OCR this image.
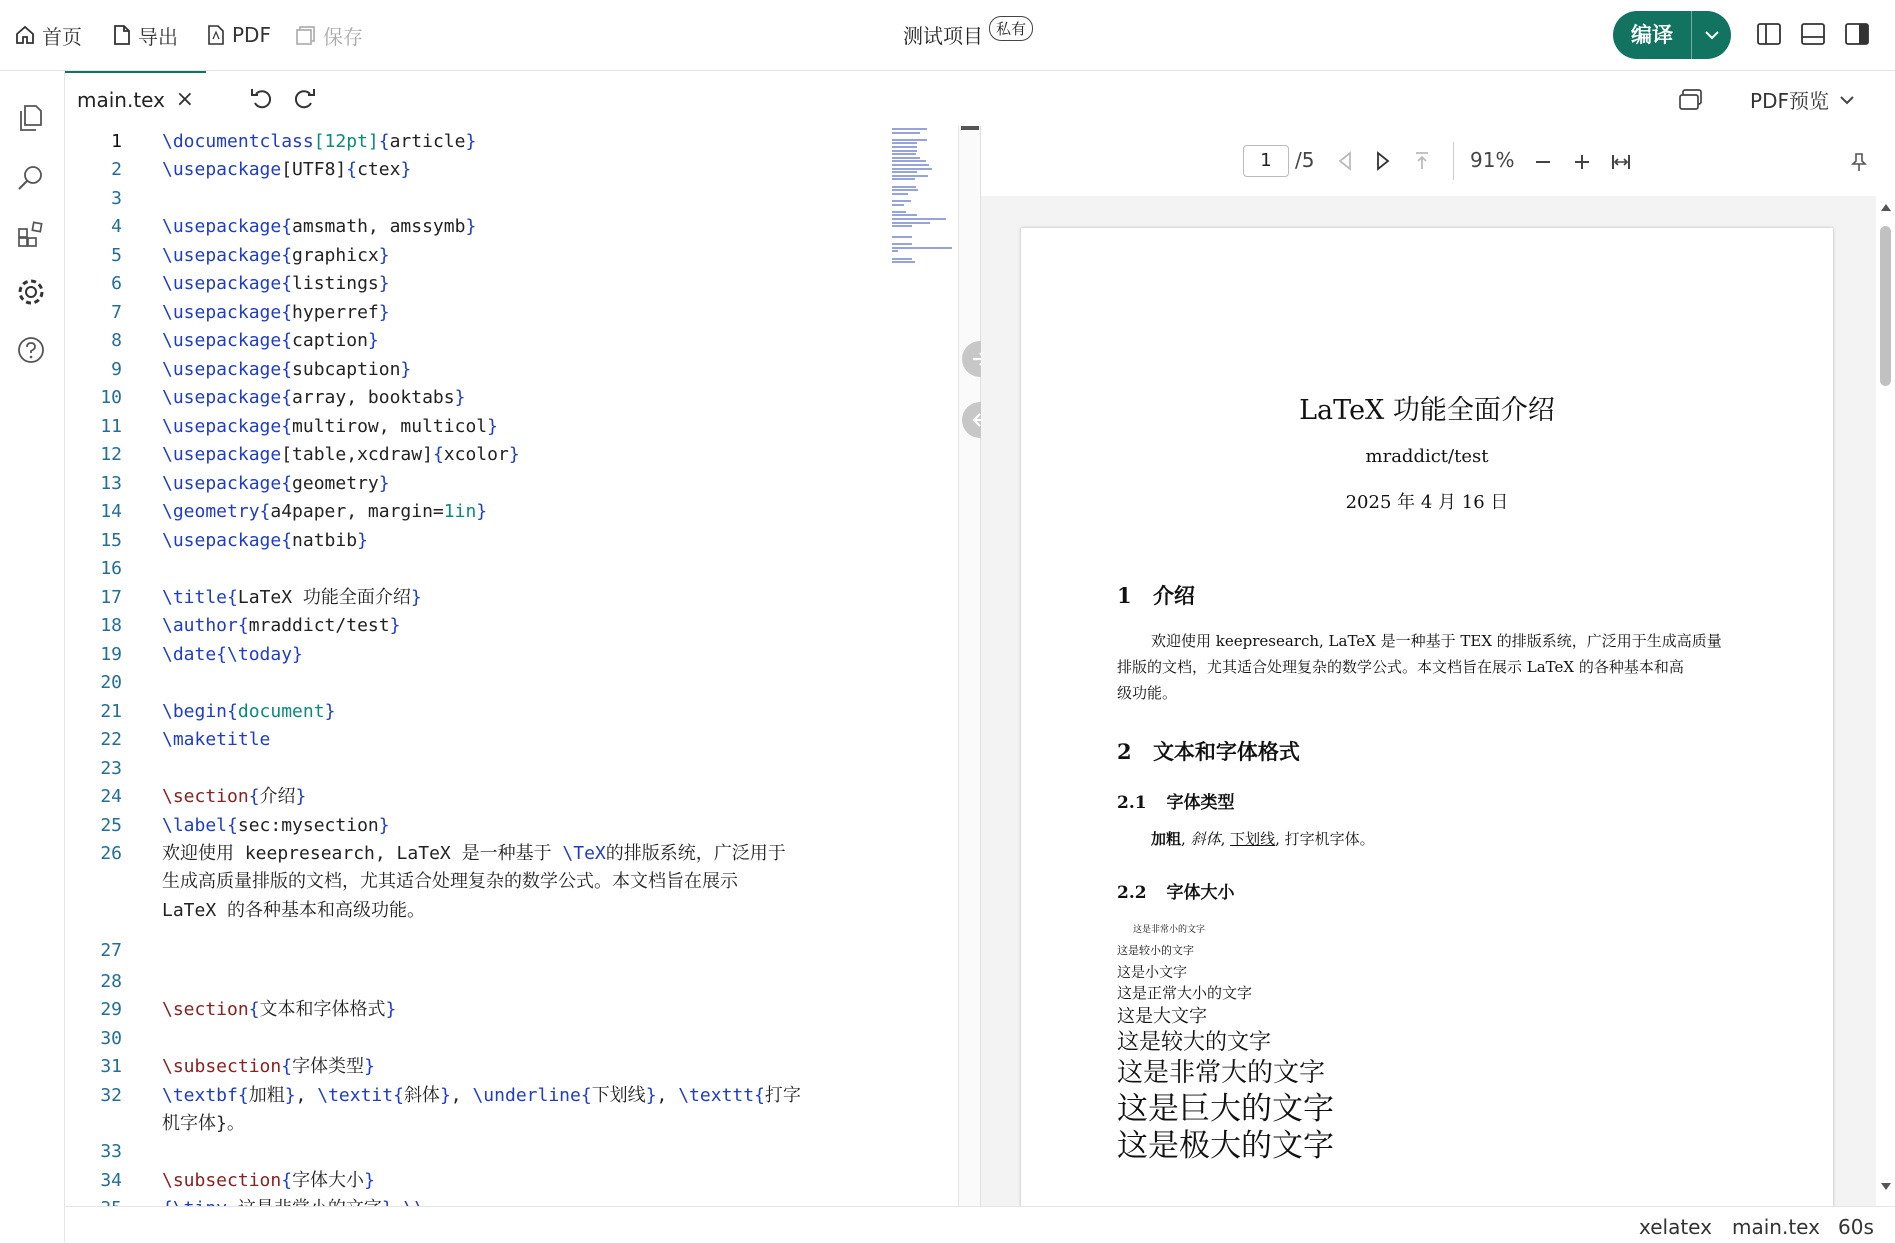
首页	导出	PDF	保存	测试项目 私有	编译
main.tex ×	PDF预览
1
2
3
4
5
6
7
8
9
10
11
12
13
14
15
16
17
18
19
20
21
22
23
24
25
26
27
28
29
30
31
32
33
34
\documentclass[12pt]{article}
\usepackage[UTF8]{ctex}
\usepackage{amsmath, amssymb}
\usepackage{graphicx}
\usepackage{listings}
\usepackage{hyperref}
\usepackage{caption}
\usepackage{subcaption}
\usepackage{array, booktabs}
\usepackage{multirow, multicol}
\usepackage[table,xcdraw]{xcolor}
\usepackage{geometry}
\geometry{a4paper, margin=1in}
\usepackage{natbib}
\title{LaTeX 功能全面介绍}
\author{mraddict/test}
\date{\today}
\begin{document}
\maketitle
\section{介绍}
\label{sec:mysection}
欢迎使用 keepresearch, LaTeX 是一种基于 \TeX的排版系统，广泛用于
生成高质量排版的文档，尤其适合处理复杂的数学公式。本文档旨在展示
LaTeX 的各种基本和高级功能。
\section{文本和字体格式}
\subsection{字体类型}
\textbf{加粗}, \textit{斜体}, \underline{下划线}, \texttt{打字
机字体}。
\subsection{字体大小}
1	/5	91%
LaTeX 功能全面介绍
mraddict/test
2025 年 4 月 16 日
1 介绍
欢迎使用 keepresearch, LaTeX 是一种基于 TEX 的排版系统，广泛用于生成高质量
排版的文档，尤其适合处理复杂的数学公式。本文档旨在展示 LaTeX 的各种基本和高
级功能。
2 文本和字体格式
2.1 字体类型
加粗, 斜体, 下划线, 打字机字体。
2.2 字体大小
这是非常小的文字
这是较小的文字
这是小文字
这是正常大小的文字
这是大文字
这是较大的文字
这是非常大的文字
这是巨大的文字
这是极大的文字
xelatex main.tex 60s
